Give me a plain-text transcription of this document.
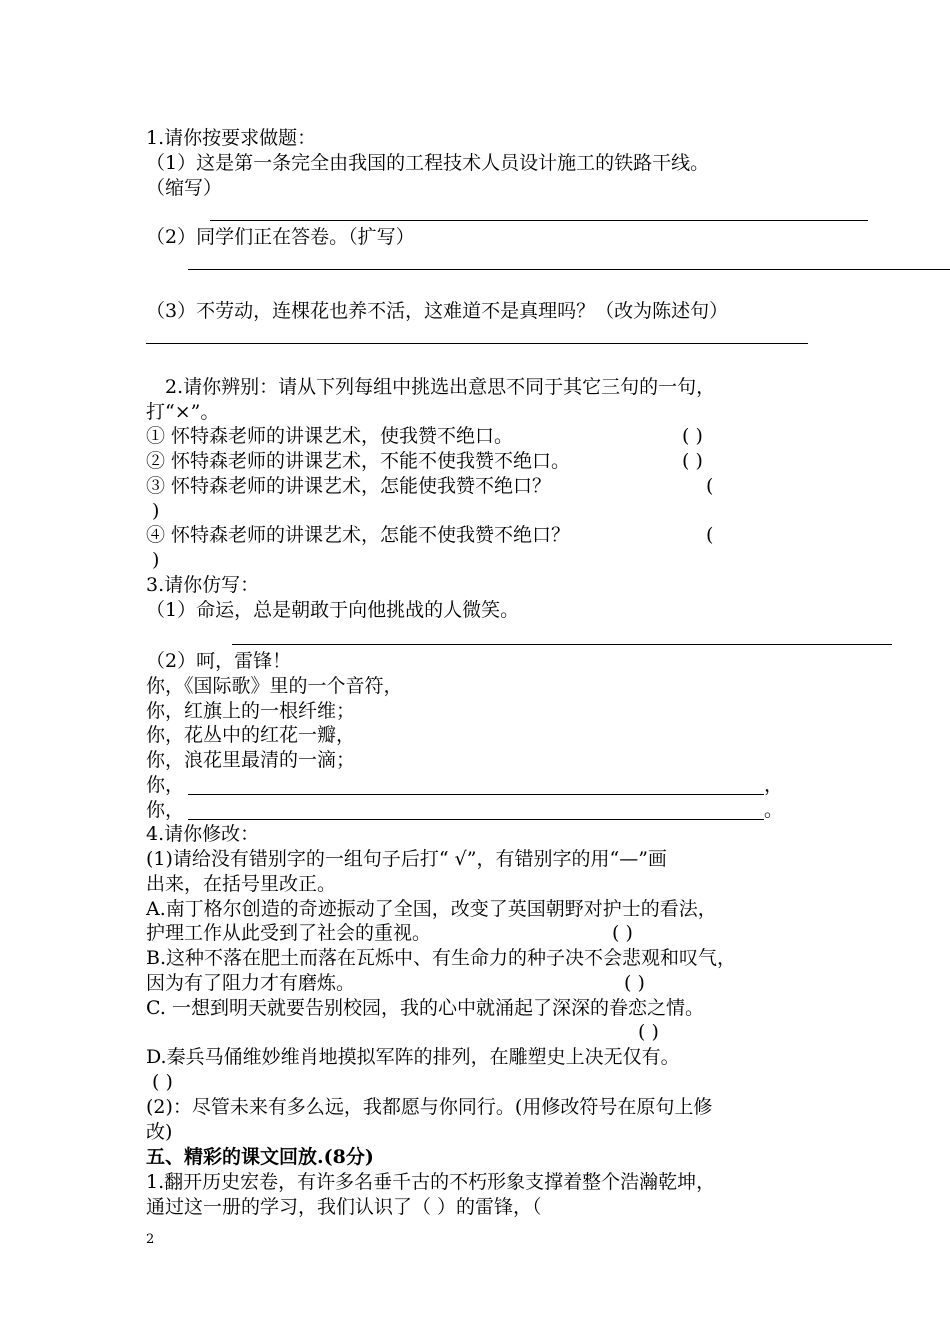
1.请你按要求做题：
（1）这是第一条完全由我国的工程技术人员设计施工的铁路干线。
（缩写）
（2）同学们正在答卷。（扩写）
（3）不劳动，连棵花也养不活，这难道不是真理吗？（改为陈述句）
2.请你辨别：请从下列每组中挑选出意思不同于其它三句的一句，
打“×”。
① 怀特森老师的讲课艺术，使我赞不绝口。	( )
② 怀特森老师的讲课艺术，不能不使我赞不绝口。	( )
③ 怀特森老师的讲课艺术，怎能使我赞不绝口？	(
)
④ 怀特森老师的讲课艺术，怎能不使我赞不绝口？	(
)
3.请你仿写：
（1）命运，总是朝敢于向他挑战的人微笑。
（2）呵，雷锋！
你，《国际歌》里的一个音符，
你，红旗上的一根纤维；
你，花丛中的红花一瓣，
你，浪花里最清的一滴；
你，	，
你，	。
4.请你修改：
(1)请给没有错别字的一组句子后打“ √”，有错别字的用“—”画
出来，在括号里改正。
A.南丁格尔创造的奇迹振动了全国，改变了英国朝野对护士的看法，
护理工作从此受到了社会的重视。	( )
B.这种不落在肥土而落在瓦烁中、有生命力的种子决不会悲观和叹气，
因为有了阻力才有磨炼。	( )
C. 一想到明天就要告别校园，我的心中就涌起了深深的眷恋之情。
( )
D.秦兵马俑维妙维肖地摸拟军阵的排列，在雕塑史上决无仅有。
( )
(2)：尽管未来有多么远，我都愿与你同行。(用修改符号在原句上修
改)
五、精彩的课文回放.(8分)
1.翻开历史宏卷，有许多名垂千古的不朽形象支撑着整个浩瀚乾坤，
通过这一册的学习，我们认识了（ ）的雷锋，（
2
